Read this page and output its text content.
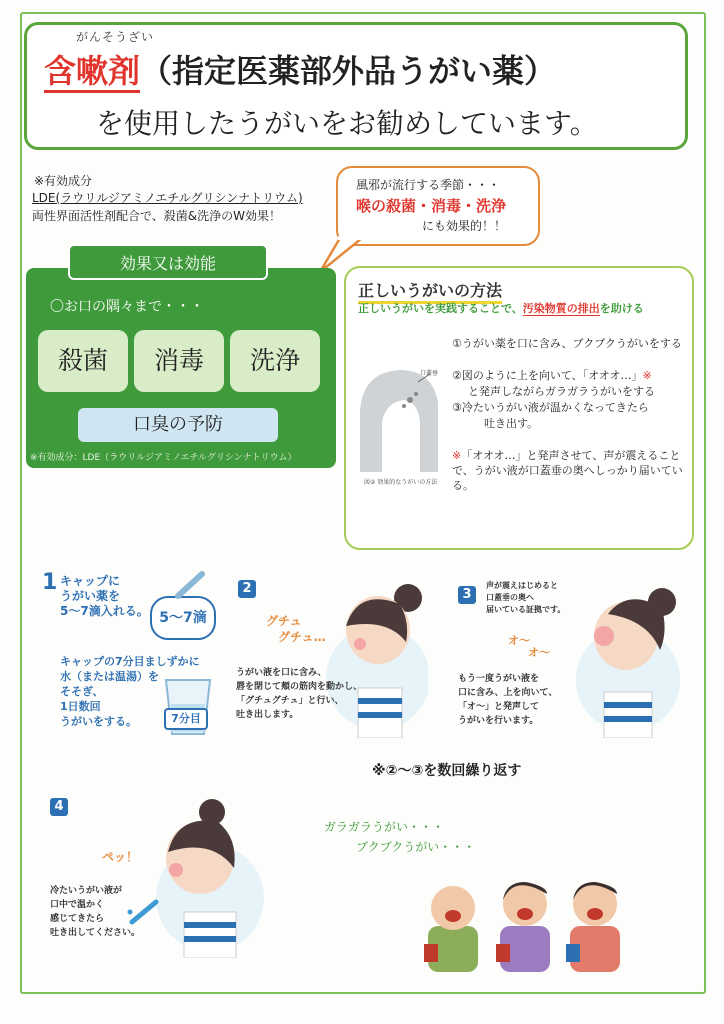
がんそうざい
含嗽剤（指定医薬部外品うがい薬）
を使用したうがいをお勧めしています。
※有効成分
LDE(ラウリルジアミノエチルグリシンナトリウム)
両性界面活性剤配合で、殺菌&洗浄のW効果！
風邪が流行する季節・・・
喉の殺菌・消毒・洗浄
にも効果的！！
効果又は効能
〇お口の隅々まで・・・
殺菌	消毒	洗浄
口臭の予防
※有効成分：LDE（ラウリルジアミノエチルグリシンナトリウム）
正しいうがいの方法
正しいうがいを実践することで、汚染物質の排出を助ける
口蓋垂
図② 効果的なうがいの方法
①うがい薬を口に含み、ブクブクうがいをする
②図のように上を向いて、「オオオ…」※
と発声しながらガラガラうがいをする
③冷たいうがい液が温かくなってきたら
吐き出す。
※「オオオ…」と発声させて、声が震えることで、うがい液が口蓋垂の奥へしっかり届いている。
1 キャップに
うがい薬を
5～7滴入れる。 5～7滴
キャップの7分目ましずかに
水（または温湯）を
そそぎ、
1日数回
うがいをする。	7分目
2
グチュ
グチュ…
うがい液を口に含み、
唇を閉じて頬の筋肉を動かし、
「グチュグチュ」と行い、
吐き出します。
3
声が震えはじめると
口蓋垂の奥へ
届いている証拠です。
オ～
オ～
もう一度うがい液を
口に含み、上を向いて、
「オ～」と発声して
うがいを行います。
※②～③を数回繰り返す
4
ペッ！
冷たいうがい液が
口中で温かく
感じてきたら
吐き出してください。
ガラガラうがい・・・
ブクブクうがい・・・
